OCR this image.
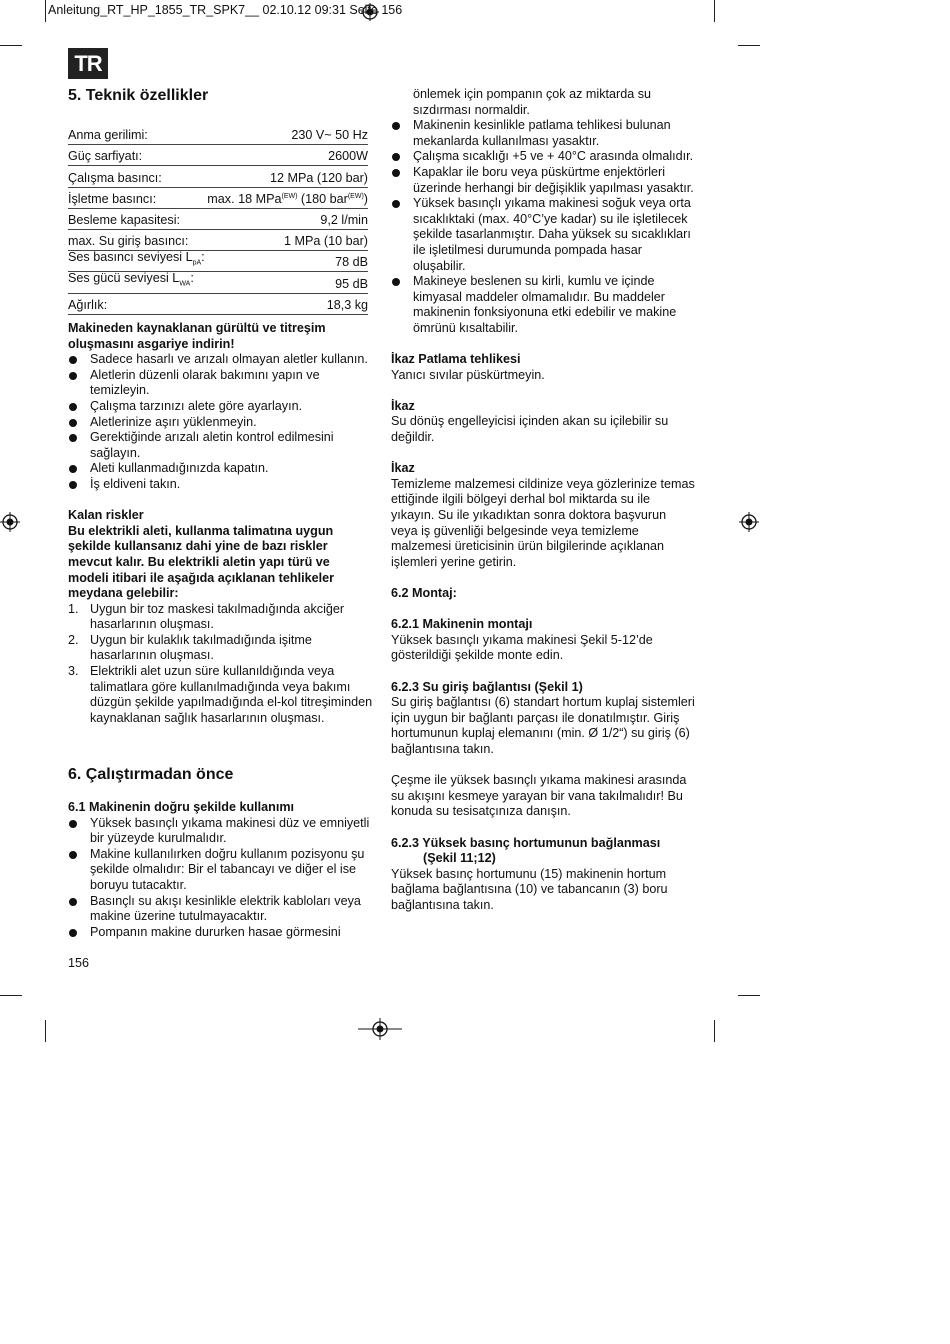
Anleitung_RT_HP_1855_TR_SPK7__ 02.10.12 09:31 Seite 156
TR
5. Teknik özellikler
Anma gerilimi:	230 V~ 50 Hz
Güç sarfiyatı:	2600W
Çalışma basıncı:	12 MPa (120 bar)
İşletme basıncı:	max. 18 MPa$^{(EW)}$ (180 bar$^{(EW)}$)
Besleme kapasitesi:	9,2 l/min
max. Su giriş basıncı:	1 MPa (10 bar)
Ses basıncı seviyesi $L_{pA}$:	78 dB
Ses gücü seviyesi $L_{WA}$:	95 dB
Ağırlık:	18,3 kg

Makineden kaynaklanan gürültü ve titreşim oluşmasını asgariye indirin!

Sadece hasarlı ve arızalı olmayan aletler kullanın.
Aletlerin düzenli olarak bakımını yapın ve temizleyin.
Çalışma tarzınızı alete göre ayarlayın.
Aletlerinize aşırı yüklenmeyin.
Gerektiğinde arızalı aletin kontrol edilmesini sağlayın.
Aleti kullanmadığınızda kapatın.
İş eldiveni takın.

Kalan riskler

Bu elektrikli aleti, kullanma talimatına uygun şekilde kullansanız dahi yine de bazı riskler mevcut kalır. Bu elektrikli aletin yapı türü ve modeli itibari ile aşağıda açıklanan tehlikeler meydana gelebilir:

1. Uygun bir toz maskesi takılmadığında akciğer hasarlarının oluşması.
2. Uygun bir kulaklık takılmadığında işitme hasarlarının oluşması.
3. Elektrikli alet uzun süre kullanıldığında veya talimatlara göre kullanılmadığında veya bakımı düzgün şekilde yapılmadığında el-kol titreşiminden kaynaklanan sağlık hasarlarının oluşması.
6. Çalıştırmadan önce

6.1 Makinenin doğru şekilde kullanımı

Yüksek basınçlı yıkama makinesi düz ve emniyetli bir yüzeyde kurulmalıdır.
Makine kullanılırken doğru kullanım pozisyonu şu şekilde olmalıdır: Bir el tabancayı ve diğer el ise boruyu tutacaktır.
Basınçlı su akışı kesinlikle elektrik kabloları veya makine üzerine tutulmayacaktır.
Pompanın makine dururken hasae görmesini
156

önlemek için pompanın çok az miktarda su sızdırması normaldir.

Makinenin kesinlikle patlama tehlikesi bulunan mekanlarda kullanılması yasaktır.
Çalışma sıcaklığı +5 ve + 40°C arasında olmalıdır.
Kapaklar ile boru veya püskürtme enjektörleri üzerinde herhangi bir değişiklik yapılması yasaktır.
Yüksek basınçlı yıkama makinesi soğuk veya orta sıcaklıktaki (max. 40°C’ye kadar) su ile işletilecek şekilde tasarlanmıştır. Daha yüksek su sıcaklıkları ile işletilmesi durumunda pompada hasar oluşabilir.
Makineye beslenen su kirli, kumlu ve içinde kimyasal maddeler olmamalıdır. Bu maddeler makinenin fonksiyonuna etki edebilir ve makine ömrünü kısaltabilir.

İkaz Patlama tehlikesi

Yanıcı sıvılar püskürtmeyin.

İkaz

Su dönüş engelleyicisi içinden akan su içilebilir su değildir.

İkaz

Temizleme malzemesi cildinize veya gözlerinize temas ettiğinde ilgili bölgeyi derhal bol miktarda su ile yıkayın. Su ile yıkadıktan sonra doktora başvurun veya iş güvenliği belgesinde veya temizleme malzemesi üreticisinin ürün bilgilerinde açıklanan işlemleri yerine getirin.

6.2 Montaj:

6.2.1 Makinenin montajı

Yüksek basınçlı yıkama makinesi Şekil 5-12’de gösterildiği şekilde monte edin.

6.2.3 Su giriş bağlantısı (Şekil 1)

Su giriş bağlantısı (6) standart hortum kuplaj sistemleri için uygun bir bağlantı parçası ile donatılmıştır. Giriş hortumunun kuplaj elemanını (min. Ø 1/2“) su giriş (6) bağlantısına takın.

Çeşme ile yüksek basınçlı yıkama makinesi arasında su akışını kesmeye yarayan bir vana takılmalıdır! Bu konuda su tesisatçınıza danışın.

6.2.3 Yüksek basınç hortumunun bağlanması

(Şekil 11;12)

Yüksek basınç hortumunu (15) makinenin hortum bağlama bağlantısına (10) ve tabancanın (3) boru bağlantısına takın.
